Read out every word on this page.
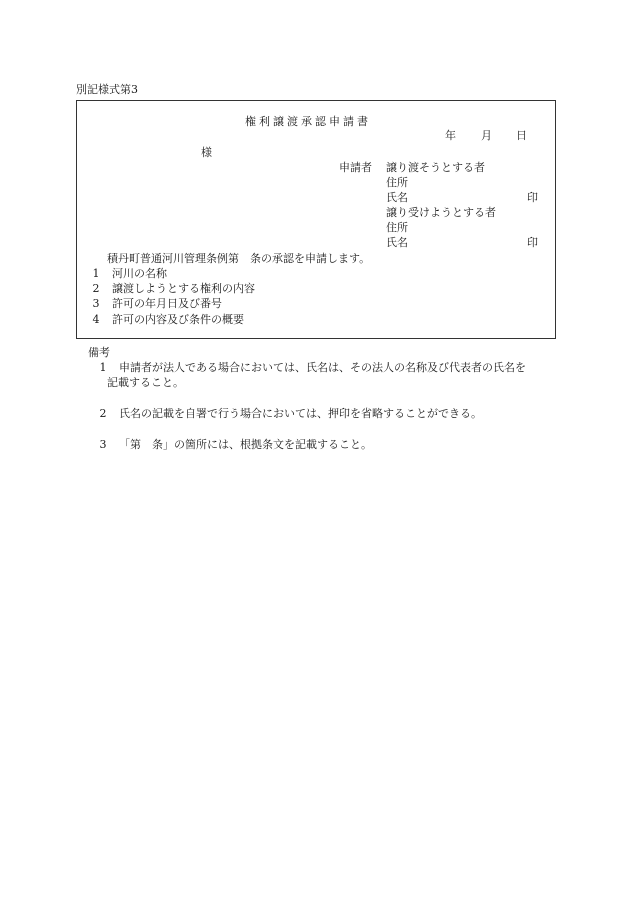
別記様式第3
権利譲渡承認申請書
年 月 日
様
申請者 譲り渡そうとする者
住所
氏名	印
譲り受けようとする者
住所
氏名	印
積丹町普通河川管理条例第　条の承認を申請します。
1	河川の名称
2	譲渡しようとする権利の内容
3	許可の年月日及び番号
4	許可の内容及び条件の概要
備考
1	申請者が法人である場合においては、氏名は、その法人の名称及び代表者の氏名を
記載すること。
2	氏名の記載を自署で行う場合においては、押印を省略することができる。
3	「第　条」の箇所には、根拠条文を記載すること。
